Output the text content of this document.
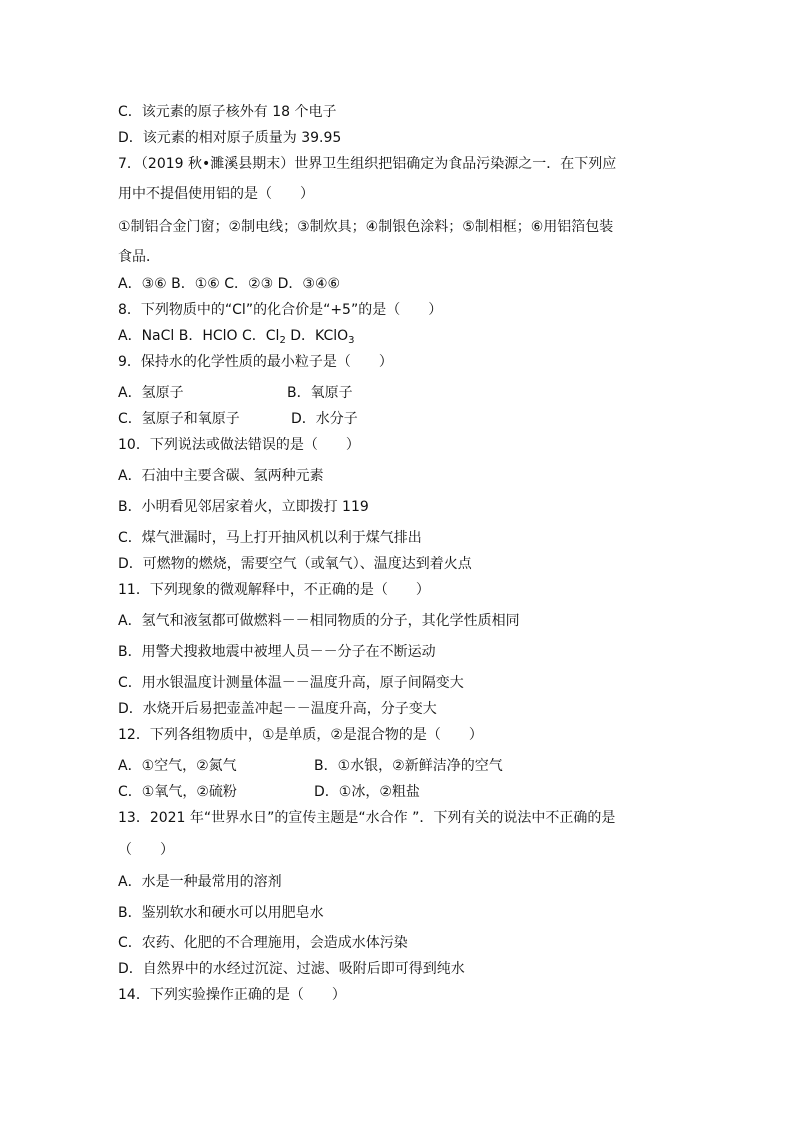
C．该元素的原子核外有 18 个电子
D．该元素的相对原子质量为 39.95
7．（2019 秋•濉溪县期末）世界卫生组织把铝确定为食品污染源之一．在下列应
用中不提倡使用铝的是（　　）
①制铝合金门窗；②制电线；③制炊具；④制银色涂料；⑤制相框；⑥用铝箔包装
食品．
A．③⑥ B．①⑥ C．②③ D．③④⑥
8．下列物质中的“Cl”的化合价是“+5”的是（　　）
A．NaCl B．HClO C．$Cl_2$ D．KClO$_3$
9．保持水的化学性质的最小粒子是（　　）
A．氢原子	B．氧原子
C．氢原子和氧原子	D．水分子
10．下列说法或做法错误的是（　　）
A．石油中主要含碳、氢两种元素
B．小明看见邻居家着火，立即拨打 119
C．煤气泄漏时，马上打开抽风机以利于煤气排出
D．可燃物的燃烧，需要空气（或氧气）、温度达到着火点
11．下列现象的微观解释中，不正确的是（　　）
A．氢气和液氢都可做燃料－－相同物质的分子，其化学性质相同
B．用警犬搜救地震中被埋人员－－分子在不断运动
C．用水银温度计测量体温－－温度升高，原子间隔变大
D．水烧开后易把壶盖冲起－－温度升高，分子变大
12．下列各组物质中，①是单质，②是混合物的是（　　）
A．①空气，②氮气	B．①水银，②新鲜洁净的空气
C．①氧气，②硫粉	D．①冰，②粗盐
13．2021 年“世界水日”的宣传主题是“水合作 ”．下列有关的说法中不正确的是
（　　）
A．水是一种最常用的溶剂
B．鉴别软水和硬水可以用肥皂水
C．农药、化肥的不合理施用，会造成水体污染
D．自然界中的水经过沉淀、过滤、吸附后即可得到纯水
14．下列实验操作正确的是（　　）
